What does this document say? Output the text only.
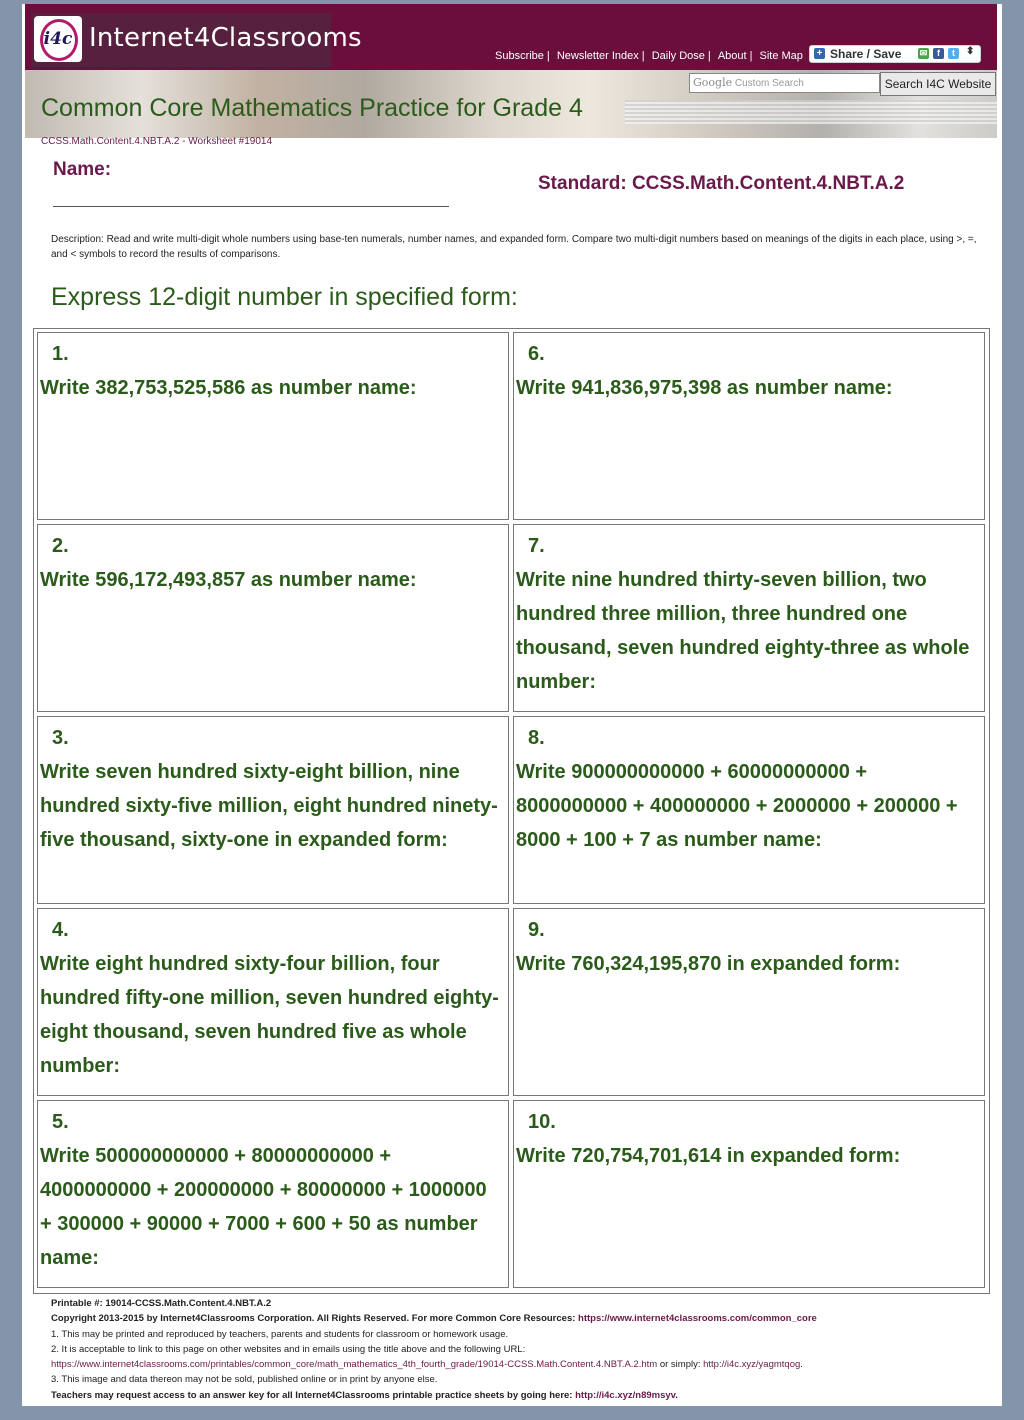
i4c Internet4Classrooms
Subscribe | Newsletter Index | Daily Dose | About | Site Map + Share / Save ✉	f	t	⬍
Google Custom Search	Search I4C Website
Common Core Mathematics Practice for Grade 4
CCSS.Math.Content.4.NBT.A.2 - Worksheet #19014
Name:
Standard: CCSS.Math.Content.4.NBT.A.2
Description: Read and write multi-digit whole numbers using base-ten numerals, number names, and expanded form. Compare two multi-digit numbers based on meanings of the digits in each place, using >, =, and < symbols to record the results of comparisons.
Express 12-digit number in specified form:
1.
Write 382,753,525,586 as number name:
2.
Write 596,172,493,857 as number name:
3.
Write seven hundred sixty-eight billion, nine hundred sixty-five million, eight hundred ninety-five thousand, sixty-one in expanded form:
4.
Write eight hundred sixty-four billion, four hundred fifty-one million, seven hundred eighty-eight thousand, seven hundred five as whole number:
5.
Write 500000000000 + 80000000000 + 4000000000 + 200000000 + 80000000 + 1000000 + 300000 + 90000 + 7000 + 600 + 50 as number name:
6.
Write 941,836,975,398 as number name:
7.
Write nine hundred thirty-seven billion, two hundred three million, three hundred one thousand, seven hundred eighty-three as whole number:
8.
Write 900000000000 + 60000000000 + 8000000000 + 400000000 + 2000000 + 200000 + 8000 + 100 + 7 as number name:
9.
Write 760,324,195,870 in expanded form:
10.
Write 720,754,701,614 in expanded form:

Printable #: 19014-CCSS.Math.Content.4.NBT.A.2

Copyright 2013-2015 by Internet4Classrooms Corporation. All Rights Reserved. For more Common Core Resources: https://www.internet4classrooms.com/common_core

1. This may be printed and reproduced by teachers, parents and students for classroom or homework usage.

2. It is acceptable to link to this page on other websites and in emails using the title above and the following URL:

https://www.internet4classrooms.com/printables/common_core/math_mathematics_4th_fourth_grade/19014-CCSS.Math.Content.4.NBT.A.2.htm or simply: http://i4c.xyz/yagmtqog.

3. This image and data thereon may not be sold, published online or in print by anyone else.

Teachers may request access to an answer key for all Internet4Classrooms printable practice sheets by going here: http://i4c.xyz/n89msyv.
